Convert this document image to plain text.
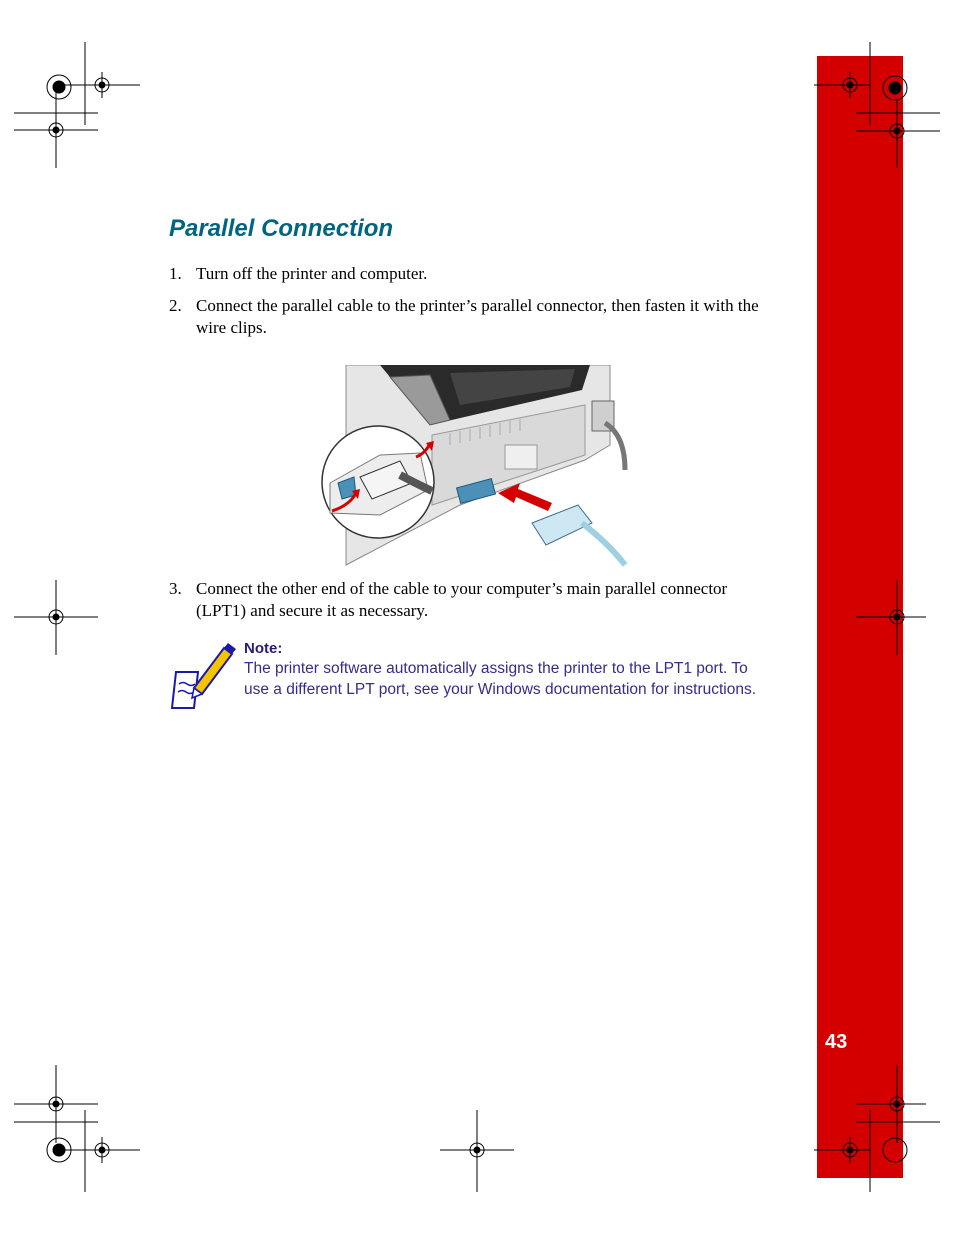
43
Parallel Connection
1. Turn off the printer and computer.
2. Connect the parallel cable to the printer’s parallel connector, then fasten it with the wire clips.
3. Connect the other end of the cable to your computer’s main parallel connector (LPT1) and secure it as necessary.
Note:
The printer software automatically assigns the printer to the LPT1 port. To use a different LPT port, see your Windows documentation for instructions.
